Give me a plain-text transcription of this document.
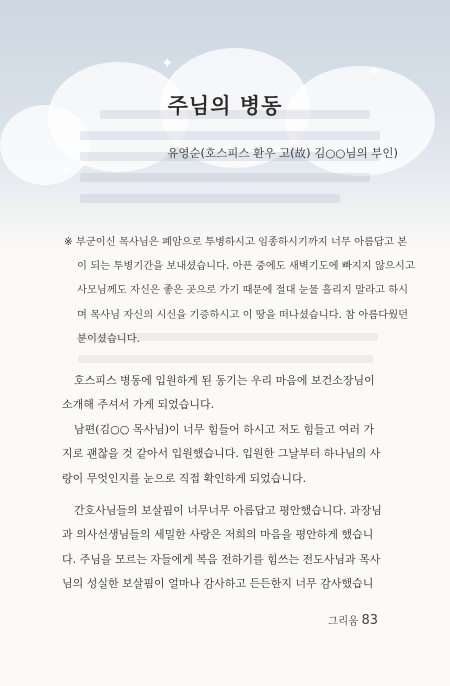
✦	✦
✦
주님의 병동
유영순(호스피스 환우 고(故) 김○○님의 부인)
※ 부군이신 목사님은 폐암으로 투병하시고 임종하시기까지 너무 아름답고 본
이 되는 투병기간을 보내셨습니다. 아픈 중에도 새벽기도에 빠지지 않으시고
사모님께도 자신은 좋은 곳으로 가기 때문에 절대 눈물 흘리지 말라고 하시
며 목사님 자신의 시신을 기증하시고 이 땅을 떠나셨습니다. 참 아름다웠던
분이셨습니다.
호스피스 병동에 입원하게 된 동기는 우리 마음에 보건소장님이
소개해 주셔서 가게 되었습니다.
남편(김○○ 목사님)이 너무 힘들어 하시고 저도 힘들고 여러 가
지로 괜찮을 것 같아서 입원했습니다. 입원한 그날부터 하나님의 사
랑이 무엇인지를 눈으로 직접 확인하게 되었습니다.
간호사님들의 보살핌이 너무너무 아름답고 평안했습니다. 과장님
과 의사선생님들의 세밀한 사랑은 저희의 마음을 평안하게 했습니
다. 주님을 모르는 자들에게 복음 전하기를 힘쓰는 전도사님과 목사
님의 성실한 보살핌이 얼마나 감사하고 든든한지 너무 감사했습니
그리움 83
